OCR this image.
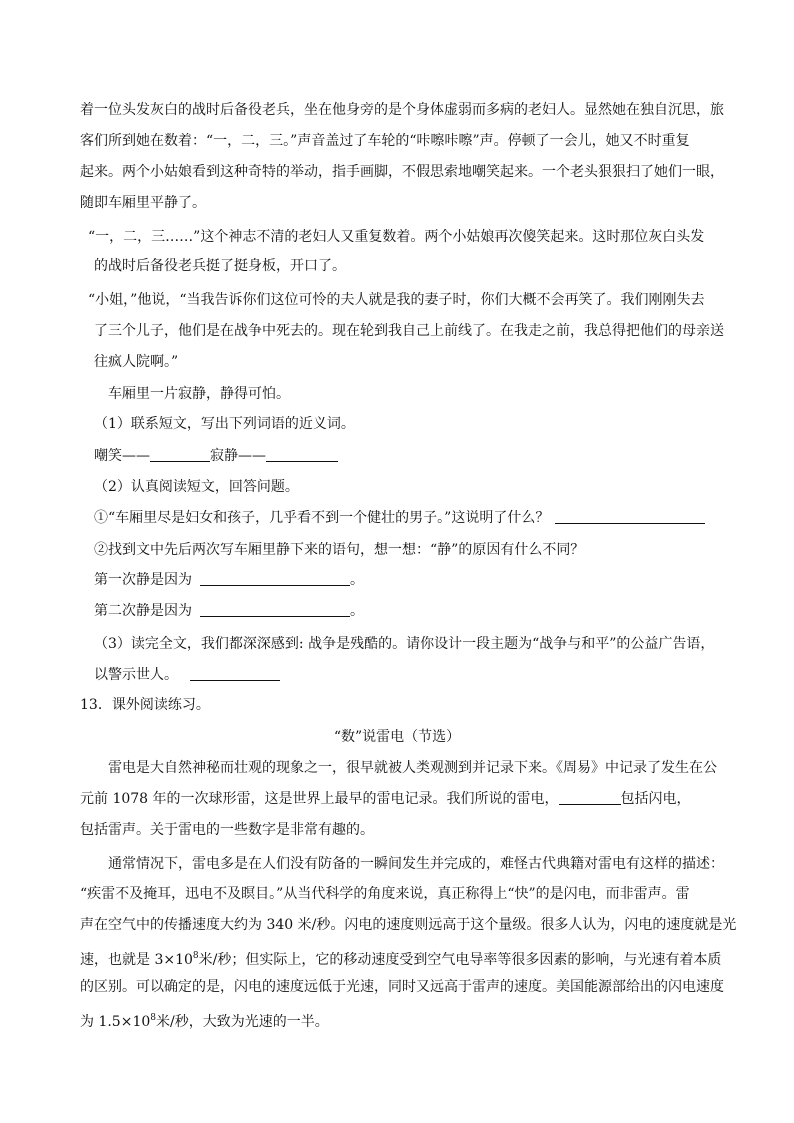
着一位头发灰白的战时后备役老兵，坐在他身旁的是个身体虚弱而多病的老妇人。显然她在独自沉思，旅
客们所到她在数着：“一，二，三。”声音盖过了车轮的“咔嚓咔嚓”声。停顿了一会儿，她又不时重复
起来。两个小姑娘看到这种奇特的举动，指手画脚，不假思索地嘲笑起来。一个老头狠狠扫了她们一眼，
随即车厢里平静了。
“一，二，三……”这个神志不清的老妇人又重复数着。两个小姑娘再次傻笑起来。这时那位灰白头发
的战时后备役老兵挺了挺身板，开口了。
“小姐，”他说，“当我告诉你们这位可怜的夫人就是我的妻子时，你们大概不会再笑了。我们刚刚失去
了三个儿子，他们是在战争中死去的。现在轮到我自己上前线了。在我走之前，我总得把他们的母亲送
往疯人院啊。”
车厢里一片寂静，静得可怕。
（1）联系短文，写出下列词语的近义词。
嘲笑——	寂静——
（2）认真阅读短文，回答问题。
①“车厢里尽是妇女和孩子，几乎看不到一个健壮的男子。”这说明了什么？
②找到文中先后两次写车厢里静下来的语句，想一想：“静”的原因有什么不同？
第一次静是因为	。
第二次静是因为	。
（3）读完全文，我们都深深感到: 战争是残酷的。请你设计一段主题为“战争与和平”的公益广告语，
以警示世人。
13．课外阅读练习。
“数”说雷电（节选）
雷电是大自然神秘而壮观的现象之一，很早就被人类观测到并记录下来。《周易》中记录了发生在公
元前 1078 年的一次球形雷，这是世界上最早的雷电记录。我们所说的雷电，	包括闪电，
包括雷声。关于雷电的一些数字是非常有趣的。
通常情况下，雷电多是在人们没有防备的一瞬间发生并完成的，难怪古代典籍对雷电有这样的描述：
“疾雷不及掩耳，迅电不及瞑目。”从当代科学的角度来说，真正称得上“快”的是闪电，而非雷声。雷
声在空气中的传播速度大约为 340 米/秒。闪电的速度则远高于这个量级。很多人认为，闪电的速度就是光
速，也就是 $3\times 10^8$米/秒；但实际上，它的移动速度受到空气电导率等很多因素的影响，与光速有着本质
的区别。可以确定的是，闪电的速度远低于光速，同时又远高于雷声的速度。美国能源部给出的闪电速度
为 $1.5\times 10^8$米/秒，大致为光速的一半。
